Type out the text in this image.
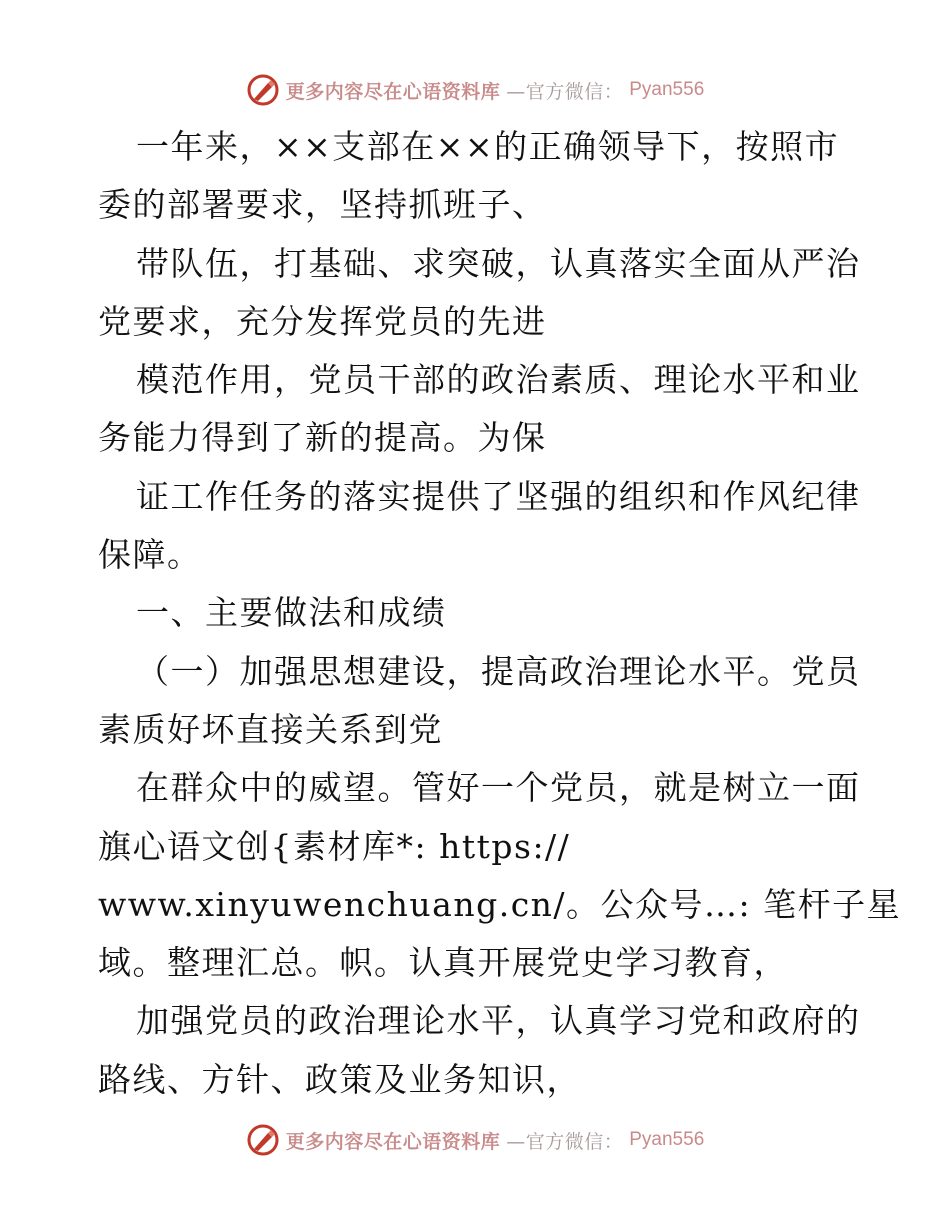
更多内容尽在心语资料库 —官方微信： Pyan556

一年来，××支部在××的正确领导下，按照市

委的部署要求，坚持抓班子、

带队伍，打基础、求突破，认真落实全面从严治

党要求，充分发挥党员的先进

模范作用，党员干部的政治素质、理论水平和业

务能力得到了新的提高。为保

证工作任务的落实提供了坚强的组织和作风纪律

保障。

一、主要做法和成绩

（一）加强思想建设，提高政治理论水平。党员

素质好坏直接关系到党

在群众中的威望。管好一个党员，就是树立一面

旗心语文创{素材库*: https://

www.xinyuwenchuang.cn/。公众号…: 笔杆子星

域。整理汇总。帜。认真开展党史学习教育，

加强党员的政治理论水平，认真学习党和政府的

路线、方针、政策及业务知识，

更多内容尽在心语资料库 —官方微信： Pyan556
